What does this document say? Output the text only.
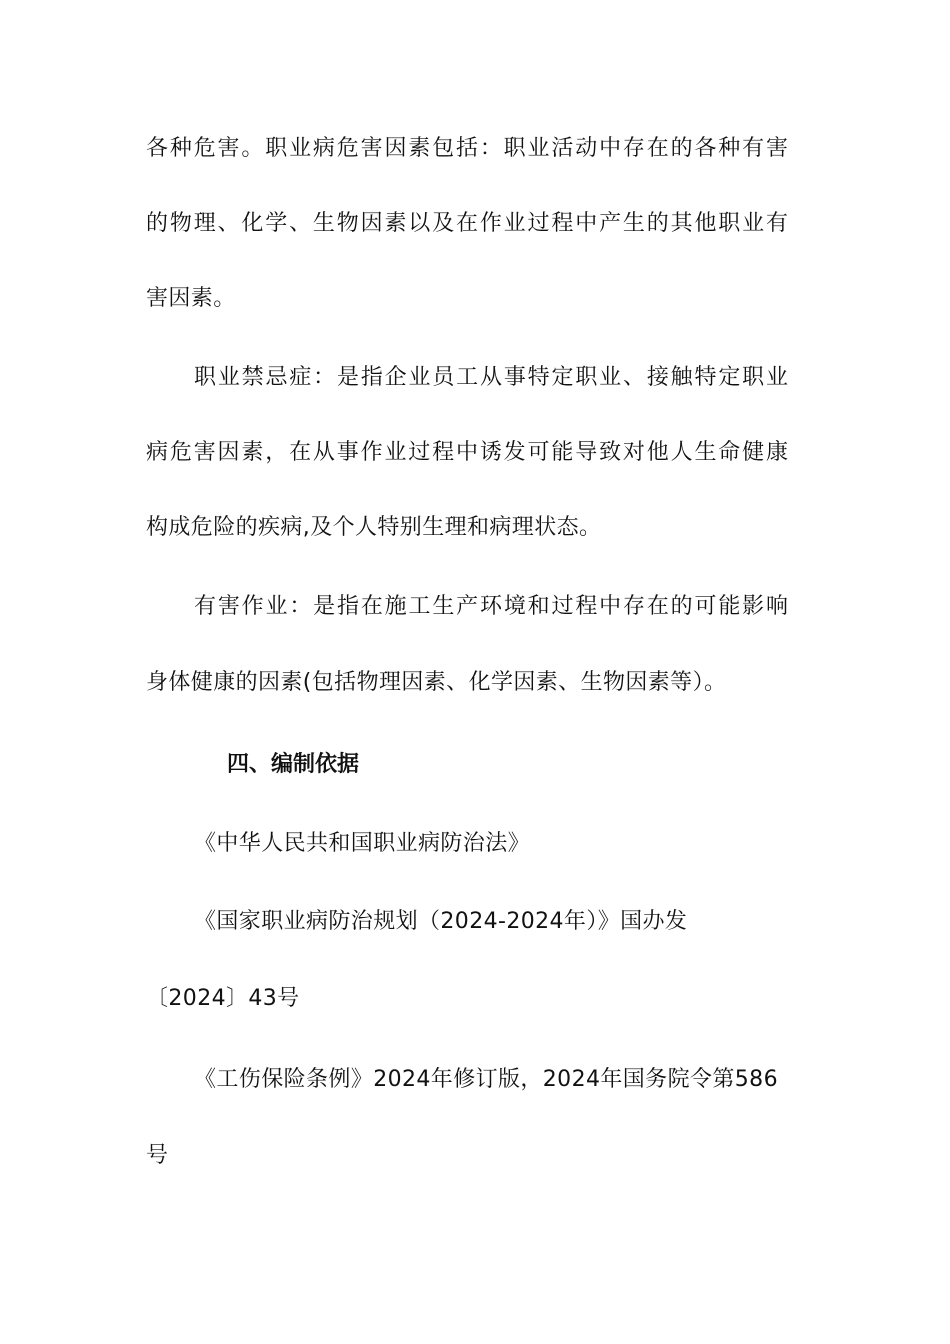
各种危害。职业病危害因素包括：职业活动中存在的各种有害
的物理、化学、生物因素以及在作业过程中产生的其他职业有
害因素。
职业禁忌症：是指企业员工从事特定职业、接触特定职业
病危害因素，在从事作业过程中诱发可能导致对他人生命健康
构成危险的疾病,及个人特别生理和病理状态。
有害作业：是指在施工生产环境和过程中存在的可能影响
身体健康的因素(包括物理因素、化学因素、生物因素等）。
四、编制依据
《中华人民共和国职业病防治法》
《国家职业病防治规划（2024-2024年）》国办发
〔2024〕43号
《工伤保险条例》2024年修订版，2024年国务院令第586
号
